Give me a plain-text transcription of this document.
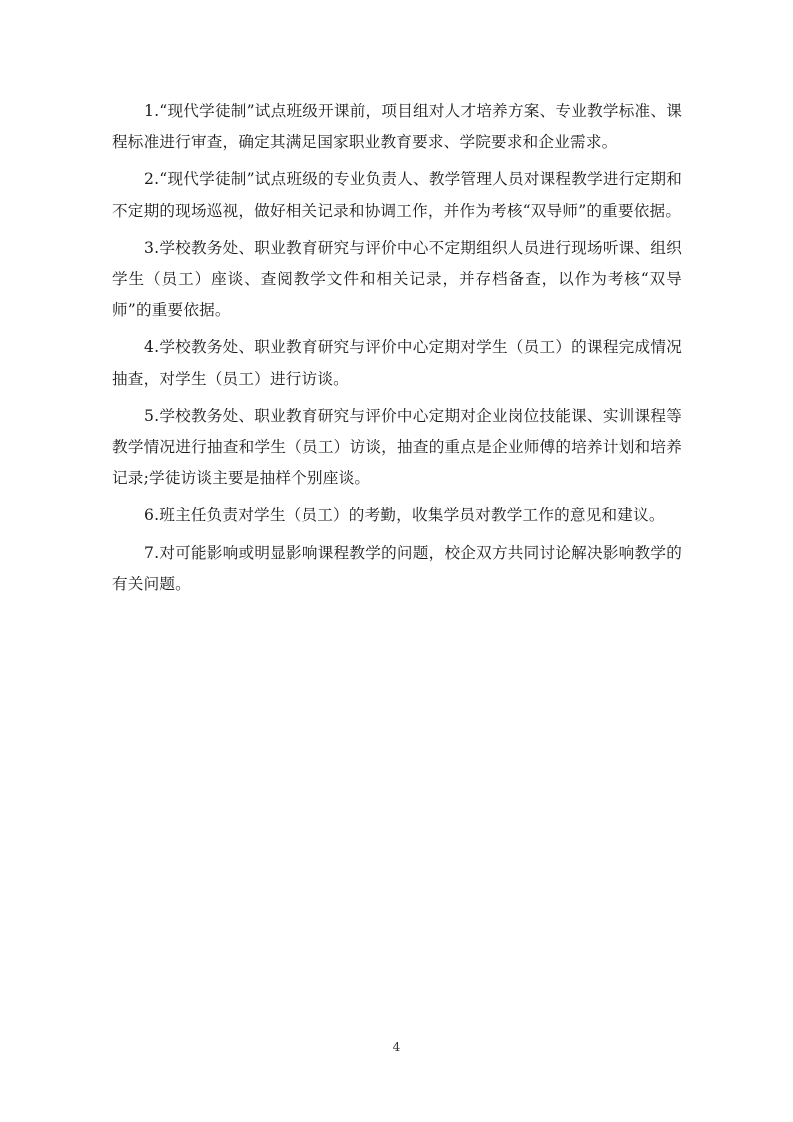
1.“现代学徒制”试点班级开课前，项目组对人才培养方案、专业教学标准、课程标准进行审查，确定其满足国家职业教育要求、学院要求和企业需求。

2.“现代学徒制”试点班级的专业负责人、教学管理人员对课程教学进行定期和不定期的现场巡视，做好相关记录和协调工作，并作为考核“双导师”的重要依据。

3.学校教务处、职业教育研究与评价中心不定期组织人员进行现场听课、组织学生（员工）座谈、查阅教学文件和相关记录，并存档备查，以作为考核“双导师”的重要依据。

4.学校教务处、职业教育研究与评价中心定期对学生（员工）的课程完成情况抽查，对学生（员工）进行访谈。

5.学校教务处、职业教育研究与评价中心定期对企业岗位技能课、实训课程等教学情况进行抽查和学生（员工）访谈，抽查的重点是企业师傅的培养计划和培养记录;学徒访谈主要是抽样个别座谈。

6.班主任负责对学生（员工）的考勤，收集学员对教学工作的意见和建议。

7.对可能影响或明显影响课程教学的问题，校企双方共同讨论解决影响教学的有关问题。

4
